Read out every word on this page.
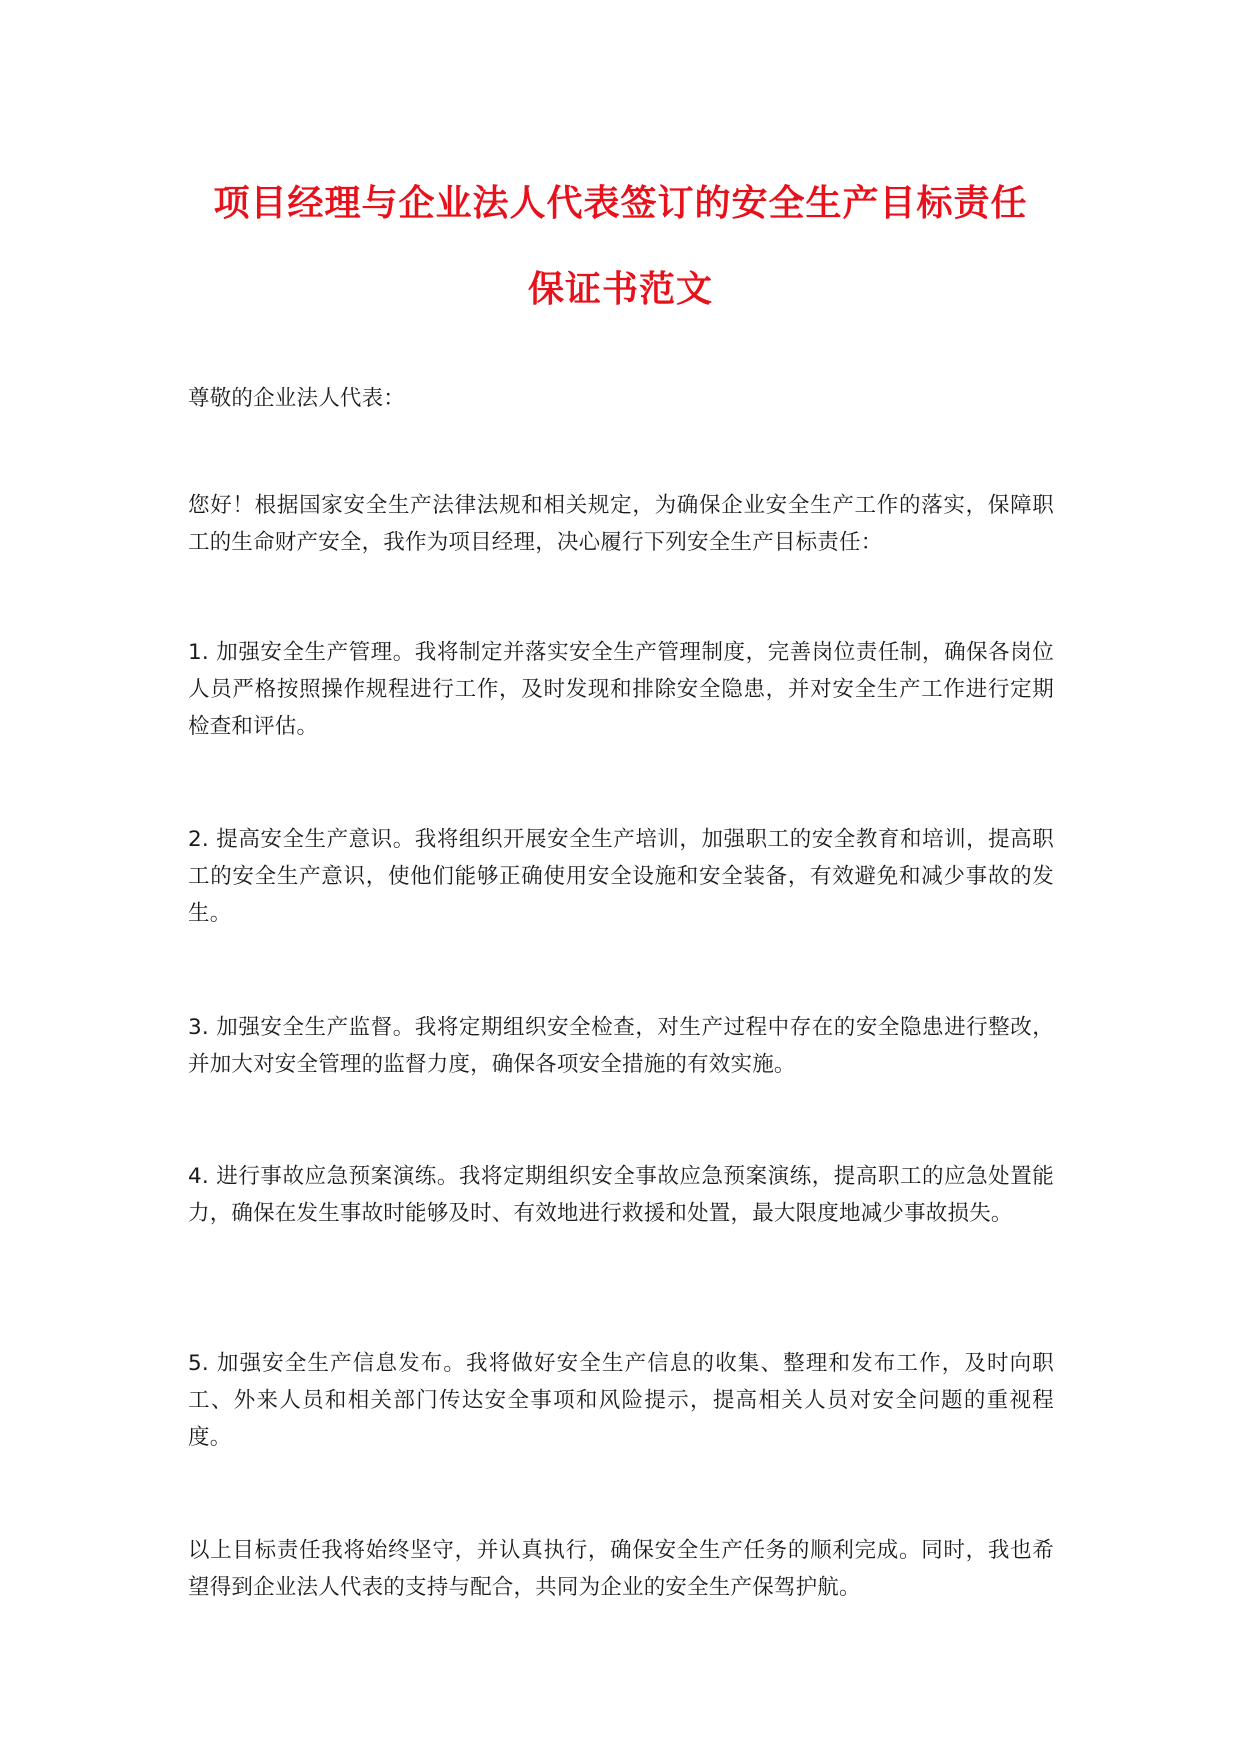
项目经理与企业法人代表签订的安全生产目标责任
保证书范文

尊敬的企业法人代表：

您好！根据国家安全生产法律法规和相关规定，为确保企业安全生产工作的落实，保障职工的生命财产安全，我作为项目经理，决心履行下列安全生产目标责任：

1. 加强安全生产管理。我将制定并落实安全生产管理制度，完善岗位责任制，确保各岗位人员严格按照操作规程进行工作，及时发现和排除安全隐患，并对安全生产工作进行定期检查和评估。

2. 提高安全生产意识。我将组织开展安全生产培训，加强职工的安全教育和培训，提高职工的安全生产意识，使他们能够正确使用安全设施和安全装备，有效避免和减少事故的发生。

3. 加强安全生产监督。我将定期组织安全检查，对生产过程中存在的安全隐患进行整改，并加大对安全管理的监督力度，确保各项安全措施的有效实施。

4. 进行事故应急预案演练。我将定期组织安全事故应急预案演练，提高职工的应急处置能力，确保在发生事故时能够及时、有效地进行救援和处置，最大限度地减少事故损失。

5. 加强安全生产信息发布。我将做好安全生产信息的收集、整理和发布工作，及时向职工、外来人员和相关部门传达安全事项和风险提示，提高相关人员对安全问题的重视程度。

以上目标责任我将始终坚守，并认真执行，确保安全生产任务的顺利完成。同时，我也希望得到企业法人代表的支持与配合，共同为企业的安全生产保驾护航。
